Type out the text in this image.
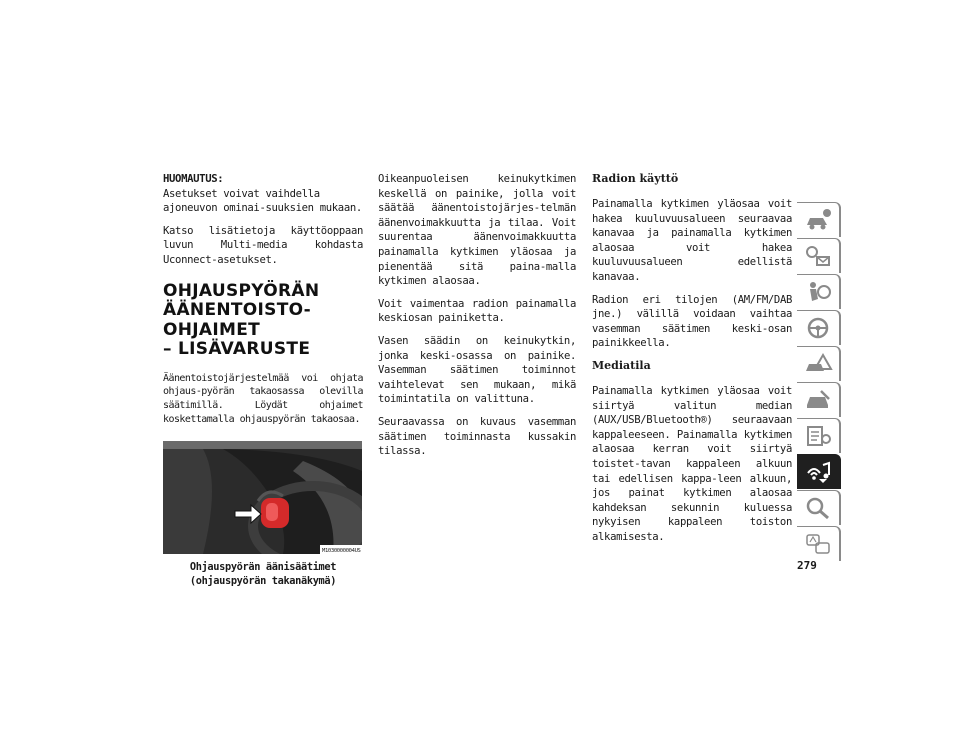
HUOMAUTUS:
Asetukset voivat vaihdella ajoneuvon ominai-suuksien mukaan.

Katso lisätietoja käyttöoppaan luvun Multi-media kohdasta Uconnect-asetukset.

OHJAUSPYÖRÄN
ÄÄNENTOISTO-OHJAIMET
– LISÄVARUSTE

Äänentoistojärjestelmää voi ohjata ohjaus-pyörän takaosassa olevilla säätimillä. Löydät ohjaimet koskettamalla ohjauspyörän takaosaa.

M1030000004US
Ohjauspyörän äänisäätimet (ohjauspyörän takanäkymä)

Oikeanpuoleisen keinukytkimen keskellä on painike, jolla voit säätää äänentoistojärjes-telmän äänenvoimakkuutta ja tilaa. Voit suurentaa äänenvoimakkuutta painamalla kytkimen yläosaa ja pienentää sitä paina-malla kytkimen alaosaa.

Voit vaimentaa radion painamalla keskiosan painiketta.

Vasen säädin on keinukytkin, jonka keski-osassa on painike. Vasemman säätimen toiminnot vaihtelevat sen mukaan, mikä toimintatila on valittuna.

Seuraavassa on kuvaus vasemman säätimen toiminnasta kussakin tilassa.

Radion käyttö

Painamalla kytkimen yläosaa voit hakea kuuluvuusalueen seuraavaa kanavaa ja painamalla kytkimen alaosaa voit hakea kuuluvuusalueen edellistä kanavaa.

Radion eri tilojen (AM/FM/DAB jne.) välillä voidaan vaihtaa vasemman säätimen keski-osan painikkeella.

Mediatila

Painamalla kytkimen yläosaa voit siirtyä valitun median (AUX/USB/Bluetooth®) seuraavaan kappaleeseen. Painamalla kytkimen alaosaa kerran voit siirtyä toistet-tavan kappaleen alkuun tai edellisen kappa-leen alkuun, jos painat kytkimen alaosaa kahdeksan sekunnin kuluessa nykyisen kappaleen toiston alkamisesta.

279
